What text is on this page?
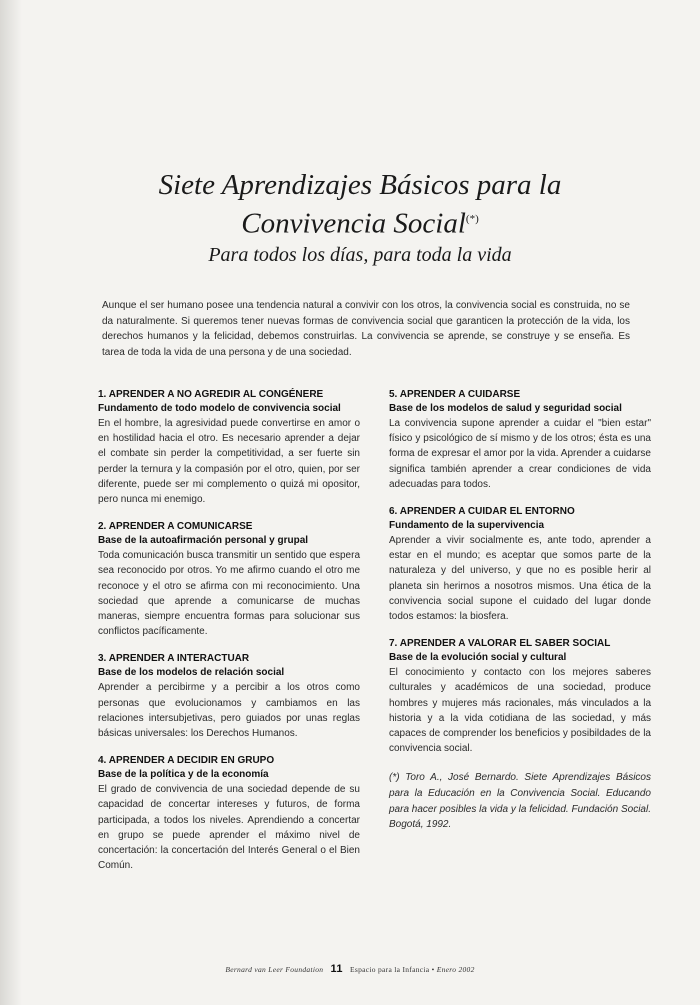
Siete Aprendizajes Básicos para la
Convivencia Social(*)
Para todos los días, para toda la vida

Aunque el ser humano posee una tendencia natural a convivir con los otros, la convivencia social es construida, no se da naturalmente. Si queremos tener nuevas formas de convivencia social que garanticen la protección de la vida, los derechos humanos y la felicidad, debemos construirlas. La convivencia se aprende, se construye y se enseña. Es tarea de toda la vida de una persona y de una sociedad.

1. APRENDER A NO AGREDIR AL CONGÉNERE
Fundamento de todo modelo de convivencia social
En el hombre, la agresividad puede convertirse en amor o en hostilidad hacia el otro. Es necesario aprender a dejar el combate sin perder la competitividad, a ser fuerte sin perder la ternura y la compasión por el otro, quien, por ser diferente, puede ser mi complemento o quizá mi opositor, pero nunca mi enemigo.
2. APRENDER A COMUNICARSE
Base de la autoafirmación personal y grupal
Toda comunicación busca transmitir un sentido que espera sea reconocido por otros. Yo me afirmo cuando el otro me reconoce y el otro se afirma con mi reconocimiento. Una sociedad que aprende a comunicarse de muchas maneras, siempre encuentra formas para solucionar sus conflictos pacíficamente.
3. APRENDER A INTERACTUAR
Base de los modelos de relación social
Aprender a percibirme y a percibir a los otros como personas que evolucionamos y cambiamos en las relaciones intersubjetivas, pero guiados por unas reglas básicas universales: los Derechos Humanos.
4. APRENDER A DECIDIR EN GRUPO
Base de la política y de la economía
El grado de convivencia de una sociedad depende de su capacidad de concertar intereses y futuros, de forma participada, a todos los niveles. Aprendiendo a concertar en grupo se puede aprender el máximo nivel de concertación: la concertación del Interés General o el Bien Común.
5. APRENDER A CUIDARSE
Base de los modelos de salud y seguridad social
La convivencia supone aprender a cuidar el "bien estar" físico y psicológico de sí mismo y de los otros; ésta es una forma de expresar el amor por la vida. Aprender a cuidarse significa también aprender a crear condiciones de vida adecuadas para todos.
6. APRENDER A CUIDAR EL ENTORNO
Fundamento de la supervivencia
Aprender a vivir socialmente es, ante todo, aprender a estar en el mundo; es aceptar que somos parte de la naturaleza y del universo, y que no es posible herir al planeta sin herirnos a nosotros mismos. Una ética de la convivencia social supone el cuidado del lugar donde todos estamos: la biosfera.
7. APRENDER A VALORAR EL SABER SOCIAL
Base de la evolución social y cultural
El conocimiento y contacto con los mejores saberes culturales y académicos de una sociedad, produce hombres y mujeres más racionales, más vinculados a la historia y a la vida cotidiana de las sociedad, y más capaces de comprender los beneficios y posibildades de la convivencia social.
(*) Toro A., José Bernardo. Siete Aprendizajes Básicos para la Educación en la Convivencia Social. Educando para hacer posibles la vida y la felicidad. Fundación Social. Bogotá, 1992.
Bernard van Leer Foundation 11 Espacio para la Infancia • Enero 2002
